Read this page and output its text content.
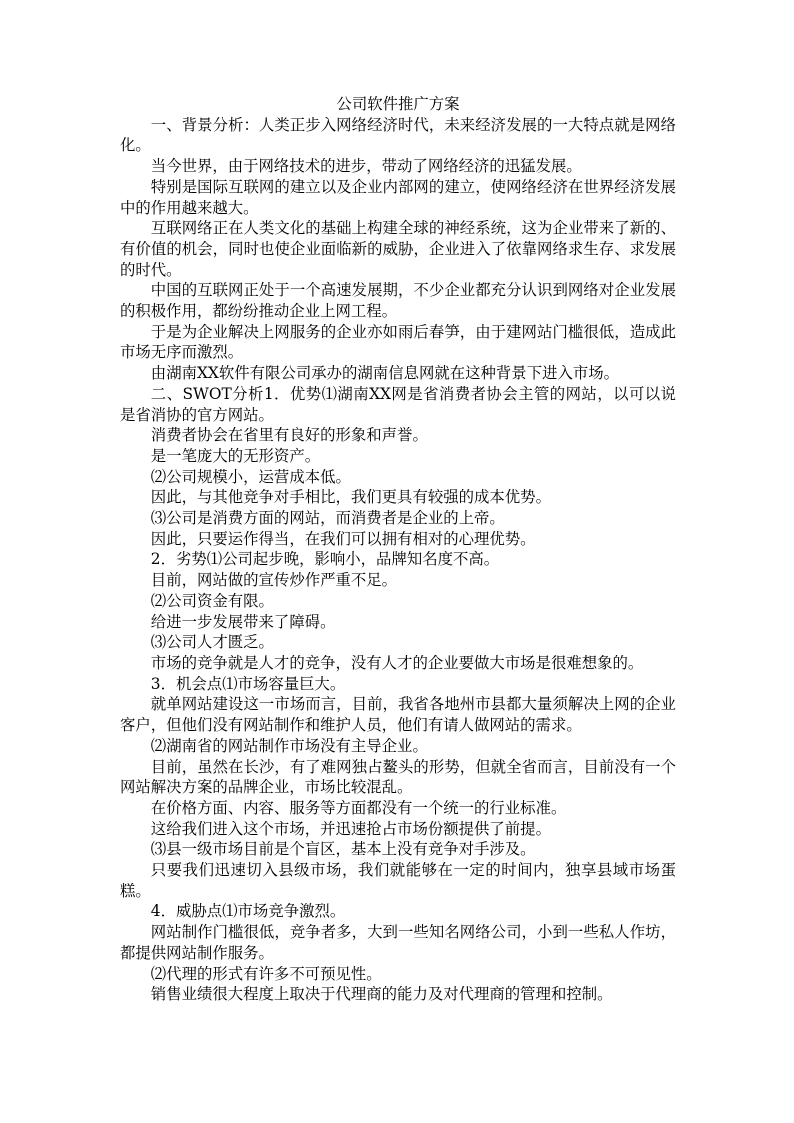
公司软件推广方案

一、背景分析：人类正步入网络经济时代，未来经济发展的一大特点就是网络化。

当今世界，由于网络技术的进步，带动了网络经济的迅猛发展。

特别是国际互联网的建立以及企业内部网的建立，使网络经济在世界经济发展中的作用越来越大。

互联网络正在人类文化的基础上构建全球的神经系统，这为企业带来了新的、有价值的机会，同时也使企业面临新的威胁，企业进入了依靠网络求生存、求发展的时代。

中国的互联网正处于一个高速发展期，不少企业都充分认识到网络对企业发展的积极作用，都纷纷推动企业上网工程。

于是为企业解决上网服务的企业亦如雨后春笋，由于建网站门槛很低，造成此市场无序而激烈。

由湖南XX软件有限公司承办的湖南信息网就在这种背景下进入市场。

二、SWOT分析1．优势⑴湖南XX网是省消费者协会主管的网站，以可以说是省消协的官方网站。

消费者协会在省里有良好的形象和声誉。

是一笔庞大的无形资产。

⑵公司规模小，运营成本低。

因此，与其他竞争对手相比，我们更具有较强的成本优势。

⑶公司是消费方面的网站，而消费者是企业的上帝。

因此，只要运作得当，在我们可以拥有相对的心理优势。

2．劣势⑴公司起步晚，影响小，品牌知名度不高。

目前，网站做的宣传炒作严重不足。

⑵公司资金有限。

给进一步发展带来了障碍。

⑶公司人才匮乏。

市场的竞争就是人才的竞争，没有人才的企业要做大市场是很难想象的。

3．机会点⑴市场容量巨大。

就单网站建设这一市场而言，目前，我省各地州市县都大量须解决上网的企业客户，但他们没有网站制作和维护人员，他们有请人做网站的需求。

⑵湖南省的网站制作市场没有主导企业。

目前，虽然在长沙，有了难网独占鳌头的形势，但就全省而言，目前没有一个网站解决方案的品牌企业，市场比较混乱。

在价格方面、内容、服务等方面都没有一个统一的行业标准。

这给我们进入这个市场，并迅速抢占市场份额提供了前提。

⑶县一级市场目前是个盲区，基本上没有竞争对手涉及。

只要我们迅速切入县级市场，我们就能够在一定的时间内，独享县域市场蛋糕。

4．威胁点⑴市场竞争激烈。

网站制作门槛很低，竞争者多，大到一些知名网络公司，小到一些私人作坊，都提供网站制作服务。

⑵代理的形式有许多不可预见性。

销售业绩很大程度上取决于代理商的能力及对代理商的管理和控制。
